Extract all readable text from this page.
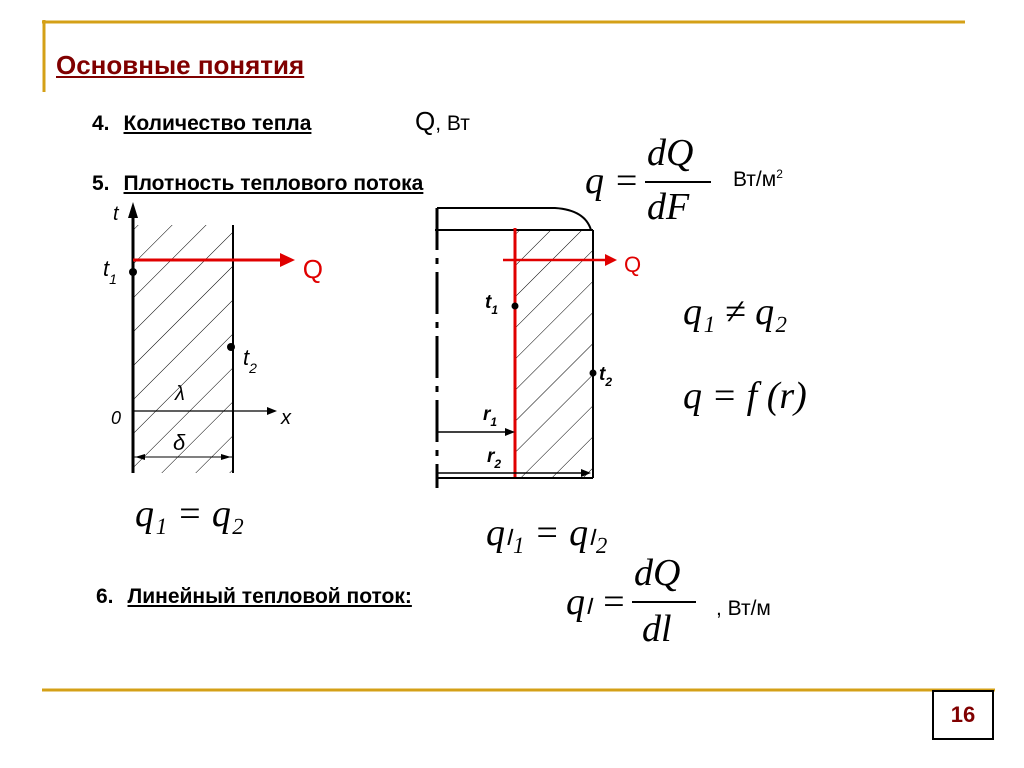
Основные понятия
4. Количество тепла	Q, Вт
5. Плотность теплового потока	q =
dQ
dF
$Вт/м^2$
t
$t_1$
$t_2$
0	x
λ
δ
Q
q₁ = q₂
$t_1$
$t_2$
$r_1$
$r_2$
Q
q₁ ≠ q₂
q = f (r)
qₗ₁ = qₗ₂
6. Линейный тепловой поток:	qₗ =
dQ
dl , Вт/м
16
